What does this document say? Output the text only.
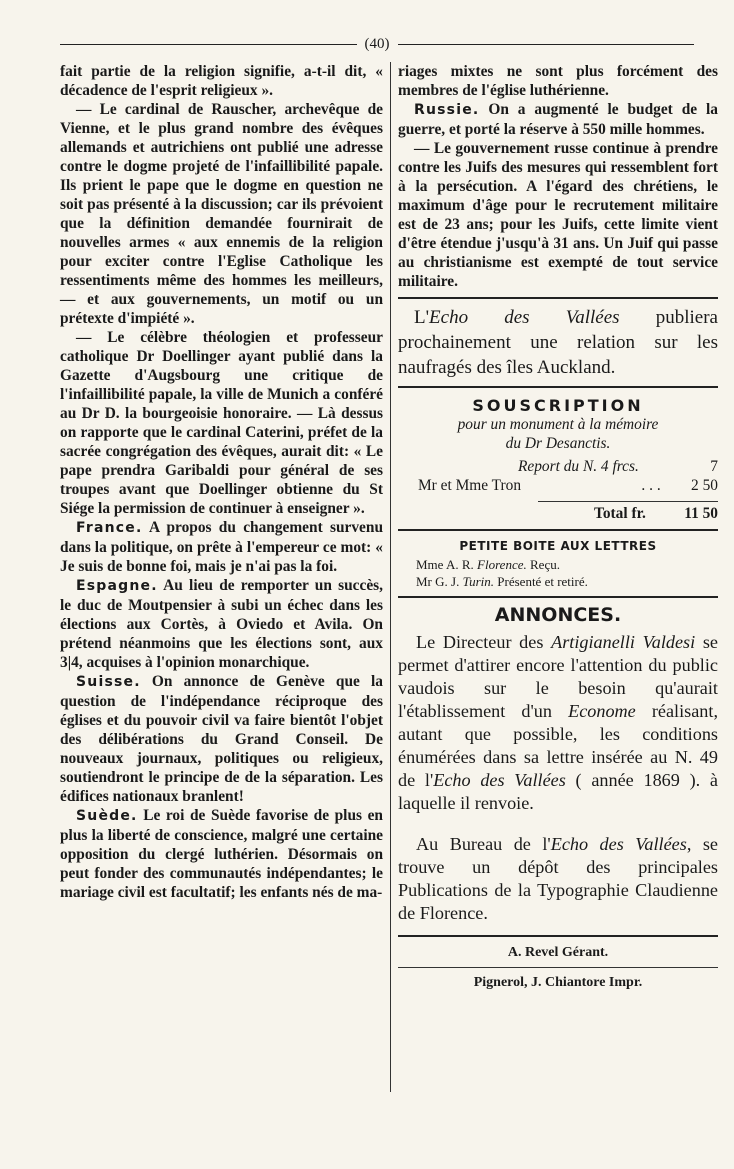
(40)

fait partie de la religion signifie, a-t-il dit, « décadence de l'esprit religieux ».

— Le cardinal de Rauscher, archevêque de Vienne, et le plus grand nombre des évêques allemands et autrichiens ont publié une adresse contre le dogme projeté de l'infaillibilité papale. Ils prient le pape que le dogme en question ne soit pas présenté à la discussion; car ils prévoient que la définition demandée fournirait de nouvelles armes « aux ennemis de la religion pour exciter contre l'Eglise Catholique les ressentiments même des hommes les meilleurs, — et aux gouvernements, un motif ou un prétexte d'impiété ».

— Le célèbre théologien et professeur catholique Dr Doellinger ayant publié dans la Gazette d'Augsbourg une critique de l'infaillibilité papale, la ville de Munich a conféré au Dr D. la bourgeoisie honoraire. — Là dessus on rapporte que le cardinal Caterini, préfet de la sacrée congrégation des évêques, aurait dit: « Le pape prendra Garibaldi pour général de ses troupes avant que Doellinger obtienne du St Siége la permission de continuer à enseigner ».

France. A propos du changement survenu dans la politique, on prête à l'empereur ce mot: « Je suis de bonne foi, mais je n'ai pas la foi.

Espagne. Au lieu de remporter un succès, le duc de Moutpensier à subi un échec dans les élections aux Cortès, à Oviedo et Avila. On prétend néanmoins que les élections sont, aux 3|4, acquises à l'opinion monarchique.

Suisse. On annonce de Genève que la question de l'indépendance réciproque des églises et du pouvoir civil va faire bientôt l'objet des délibérations du Grand Conseil. De nouveaux journaux, politiques ou religieux, soutiendront le principe de de la séparation. Les édifices nationaux branlent!

Suède. Le roi de Suède favorise de plus en plus la liberté de conscience, malgré une certaine opposition du clergé luthérien. Désormais on peut fonder des communautés indépendantes; le mariage civil est facultatif; les enfants nés de ma-

riages mixtes ne sont plus forcément des membres de l'église luthérienne.

Russie. On a augmenté le budget de la guerre, et porté la réserve à 550 mille hommes.

— Le gouvernement russe continue à prendre contre les Juifs des mesures qui ressemblent fort à la persécution. A l'égard des chrétiens, le maximum d'âge pour le recrutement militaire est de 23 ans; pour les Juifs, cette limite vient d'être étendue j'usqu'à 31 ans. Un Juif qui passe au christianisme est exempté de tout service militaire.

L'Echo des Vallées publiera prochainement une relation sur les naufragés des îles Auckland.

SOUSCRIPTION
pour un monument à la mémoire
du Dr Desanctis.
Report du N. 4 frcs.	7
Mr et Mme Tron	. . . 2 50
Total fr. 11 50
PETITE BOITE AUX LETTRES
Mme A. R. Florence. Reçu.
Mr G. J. Turin. Présenté et retiré.
ANNONCES.

Le Directeur des Artigianelli Valdesi se permet d'attirer encore l'attention du public vaudois sur le besoin qu'aurait l'établissement d'un Econome réalisant, autant que possible, les conditions énumérées dans sa lettre insérée au N. 49 de l'Echo des Vallées ( année 1869 ). à laquelle il renvoie.

Au Bureau de l'Echo des Vallées, se trouve un dépôt des principales Publications de la Typographie Claudienne de Florence.

A. Revel Gérant.
Pignerol, J. Chiantore Impr.
